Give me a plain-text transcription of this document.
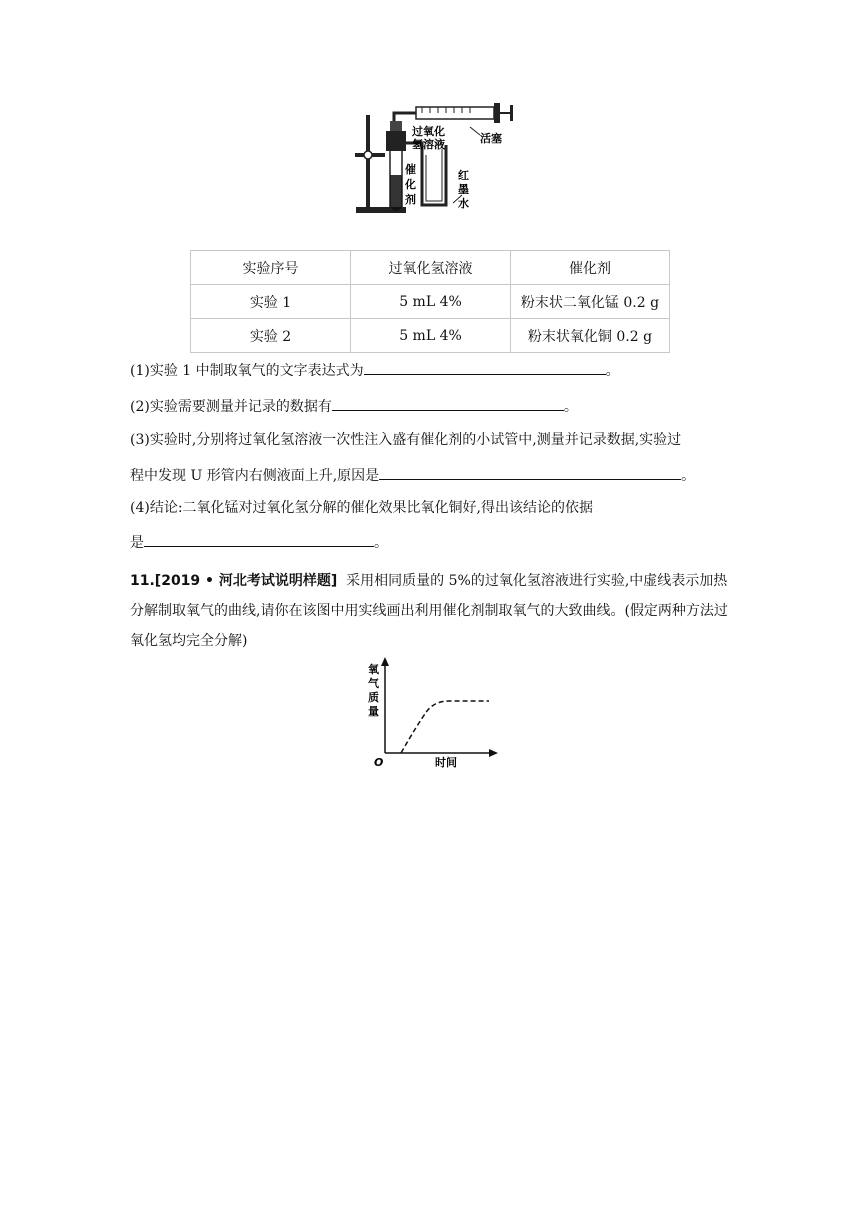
过氧化
氢溶液	活塞
催
化
剂
红
墨
水
实验序号	过氧化氢溶液	催化剂
实验 1	5 mL 4%	粉末状二氧化锰 0.2 g
实验 2	5 mL 4%	粉末状氧化铜 0.2 g
(1)实验 1 中制取氧气的文字表达式为	。
(2)实验需要测量并记录的数据有	。
(3)实验时,分别将过氧化氢溶液一次性注入盛有催化剂的小试管中,测量并记录数据,实验过
程中发现 U 形管内右侧液面上升,原因是	。
(4)结论:二氧化锰对过氧化氢分解的催化效果比氧化铜好,得出该结论的依据
是	。
11.[2019 • 河北考试说明样题] 采用相同质量的 5%的过氧化氢溶液进行实验,中虚线表示加热分解制取氧气的曲线,请你在该图中用实线画出利用催化剂制取氧气的大致曲线。(假定两种方法过氧化氢均完全分解)
氧
气
质
量
O	时间
